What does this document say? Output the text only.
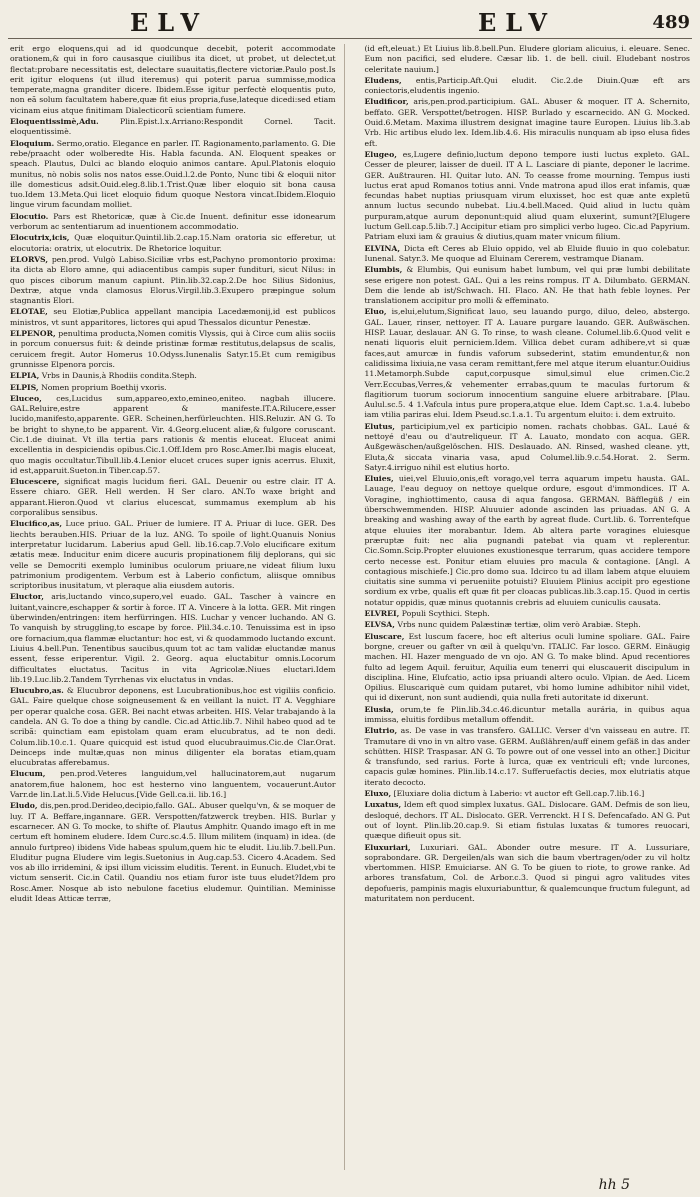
ELV	ELV	489

erit ergo eloquens,qui ad id quodcunque decebit, poterit accommodate orationem,& qui in foro causasque ciuilibus ita dicet, ut probet, ut delectet,ut flectat:probare necessitatis est, delectare suauitatis,flectere victoriæ.Paulo post.Is erit igitur eloquens (ut illud iteremus) qui poterit parua summisse,modica temperate,magna granditer dicere. Ibidem.Esse igitur perfectè eloquentis puto, non eã solum facultatem habere,quæ fit eius propria,fuse,lateque dicedi:sed etiam vicinam eius atque finitimam Dialecticorũ scientiam fumere.

Eloquentissimè,Adu.	Plin.Epist.l.x.Arriano:Respondit Cornel. Tacit. eloquentissimè.

Eloquium. Sermo,oratio. Elegance en parler. IT. Ragionamento,parlamento. G. Die rebe/praacht oder wolberedte His. Habla facunda. AN. Eloquent speakes or speach. Plautus, Dulci ac blando eloquio animos cantare. Apul.Platonis eloquio munitus, nò nobis solis nos natos esse.Ouid.l.2.de Ponto, Nunc tibi & eloquii nitor ille domesticus adsit.Ouid.eleg.8.lib.1.Trist.Quæ liber eloquio sit bona causa tuo.Idem 13.Meta.Qui licet eloquio fidum quoque Nestora vincat.Ibidem.Eloquio lingue virum facundam molliet.

Elocutio. Pars est Rhetoricæ, quæ à Cic.de Inuent. definitur esse idonearum verborum ac sententiarum ad inuentionem accommodatio.

Elocutrix,icis, Quæ eloquitur.Quintil.lib.2.cap.15.Nam oratoria sic efferetur, ut elocutoria: oratrix, ut elocutrix. De Rhetorice loquitur.

ELORVS, pen.prod. Vulgò Labiso.Siciliæ vrbs est,Pachyno promontorio proxima: ita dicta ab Eloro amne, qui adiacentibus campis super fundituri, sicut Nilus: in quo pisces ciborum manum capiunt. Plin.lib.32.cap.2.De hoc Silius Sidonius, Dextræ, atque vnda clamosus Elorus.Virgil.lib.3.Exupero præpingue solum stagnantis Elori.

ELOTAE, seu Elotiæ,Publica appellant mancipia Lacedæmonij,id est publicos ministros, vt sunt apparitores, lictores qui apud Thessalos dicuntur Penestæ.

ELPENOR, penultima producta,Nomen comitis Vlyssis, qui à Circe cum aliis sociis in porcum conuersus fuit: & deinde pristinæ formæ restitutus,delapsus de scalis, ceruicem fregit. Autor Homerus 10.Odyss.Iunenalis Satyr.15.Et cum remigibus grunnisse Elpenora porcis.

ELPIA, Vrbs in Daunis,à Rhodiis condita.Steph.

ELPIS, Nomen proprium Boethij vxoris.

Eluceo, ces,Lucidus sum,appareo,exto,emineo,eniteo. nagbah illucere. GAL.Reluire,estre apparent & manifeste.IT.A.Rilucere,esser lucido,manifesto,apparente. GER. Scheinen,herfürleuchten. HIS.Reluzir. AN G. To be bright to shyne,to be apparent. Vir. 4.Georg.elucent aliæ,& fulgore coruscant. Cic.1.de diuinat. Vt illa tertia pars rationis & mentis eluceat. Eluceat animi excellentia in despiciendis opibus.Cic.1.Off.Idem pro Rosc.Amer.Ibi magis eluceat, quo magis occultatur.Tibull.lib.4.Lenior elucet cruces super ignis acerrus. Eluxit, id est,apparuit.Sueton.in Tiber.cap.57.

Elucescere, significat magis lucidum fieri. GAL. Deuenir ou estre clair. IT A. Essere chiaro. GER. Hell werden. H Ser claro. AN.To waxe bright and apparant.Hieron.Quod vt clarius elucescat, summamus exemplum ab his corporalibus sensibus.

Elucifico,as, Luce priuo. GAL. Priuer de lumiere. IT A. Priuar di luce. GER. Des liechts berauben.HIS. Priuar de la luz. ANG. To spoile of light.Quanuis Nonius interpretatur lucidarum. Laberius apud Gell. lib.16.cap.7.Volo elucificare exitum ætatis meæ. Inducitur enim dicere aucuris propinationem filij deplorans, qui sic velle se Democriti exemplo luminibus oculorum priuare,ne videat filium luxu patrimonium prodigentem. Verbum est à Laberio confictum, aliisque omnibus scriptoribus inusitatum, vt pleraque alia eiusdem autoris.

Eluctor, aris,luctando vinco,supero,vel euado. GAL. Tascher à vaincre en luitant,vaincre,eschapper & sortir à force. IT A. Vincere à la lotta. GER. Mit ringen überwinden/entringen: item herfürringen. HIS. Luchar y vencer luchando. AN G. To vanquish by struggling,to escape by force. Plil.34.c.10. Tenuissima est in ipso ore fornacium,qua flammæ eluctantur: hoc est, vi & quodammodo luctando excunt. Liuius 4.bell.Pun. Tenentibus saucibus,quum tot ac tam validæ eluctandæ manus essent, fesse eriperentur. Vigil. 2. Georg. aqua eluctabitur omnis.Locorum difficultates eluctatus. Tacitus in vita Agricolæ.Niues eluctari.Idem lib.19.Luc.lib.2.Tandem Tyrrhenas vix eluctatus in vndas.

Elucubro,as. & Elucubror deponens, est Lucubrationibus,hoc est vigiliis conficio. GAL. Faire quelque chose soigneusement & en veillant la nuict. IT A. Vegghiare per operar qualche cosa. GER. Bei nacht etwas arbeiten. HIS. Velar trabajando à la candela. AN G. To doe a thing by candle. Cic.ad Attic.lib.7. Nihil habeo quod ad te scribã: quinctiam eam epistolam quam eram elucubratus, ad te non dedi. Colum.lib.10.c.1. Quare quicquid est istud quod elucubrauimus.Cic.de Clar.Orat. Deinceps inde multæ,quas non minus diligenter ela boratas etiam,quam elucubratas afferebamus.

Elucum, pen.prod.Veteres languidum,vel hallucinatorem,aut nugarum anatorem,fiue halonem, hoc est hesterno vino languentem, vocauerunt.Autor Varr.de lin.Lat.li.5.Vide Helucus.[Vide Gell.ca.ii. lib.16.]

Eludo, dis,pen.prod.Derideo,decipio,fallo. GAL. Abuser quelqu'vn, & se moquer de luy. IT A. Beffare,ingannare. GER. Verspotten/fatzwerck treyben. HIS. Burlar y escarnecer. AN G. To mocke, to shifte of. Plautus Amphitr. Quando imago eft in me certum eft hominem eludere. Idem Curc.sc.4.5. Illum militem (inquam) in idea. (de annulo furtpreo) ibidens Vide habeas spulum,quem hic te eludit. Liu.lib.7.bell.Pun. Eluditur pugna Eludere vim legis.Suetonius in Aug.cap.53. Cicero 4.Academ. Sed vos ab illo irridemini, & ipsi illum vicissim eluditis. Terent. in Eunuch. Eludet,vbi te victum senserit. Cic.in Catil. Quandiu nos etiam furor iste tuus eludet?Idem pro Rosc.Amer. Nosque ab isto nebulone facetius eludemur. Quintilian. Meminisse eludit Ideas Atticæ terræ,

(id eft,eleuat.) Et Liuius lib.8.bell.Pun. Eludere gloriam alicuius, i. eleuare. Senec. Eum non pacifici, sed eludere. Cæsar lib. 1. de bell. ciuil. Eludebant nostros celeritate nauium.]

Eludens, entis,Particip.Aft.Qui eludit. Cic.2.de Diuin.Quæ eft ars coniectoris,eludentis ingenio.

Eludificor, aris,pen.prod.participium. GAL. Abuser & moquer. IT A. Schernito, beffato. GER. Verspottet/betrogen. HISP. Burlado y escarnecido. AN G. Mocked. Ouid.6.Metam. Maxima illustrem designat imagine taure Europen. Liuius lib.3.ab Vrb. Hic artibus eludo lex. Idem.lib.4.6. His miraculis nunquam ab ipso elusa fides eft.

Elugeo, es,Lugere definio,luctum depono tempore iusti luctus expleto. GAL. Cesser de pleurer, laisser de dueil. IT A L. Lasciare di piante, deponer le lacrime. GER. Außtrauren. HI. Quitar luto. AN. To ceasse frome mourning. Tempus iusti luctus erat apud Romanos totius anni. Vnde matrona apud illos erat infamis, quæ fecundas habet nuptias priusquam virum eluxisset, hoc est quæ ante expletũ annum luctus secundo nubebat. Liu.4.bell.Maced. Quid aliud in luctu quàm purpuram,atque aurum deponunt:quid aliud quam eluxerint, sumunt?[Elugere luctum Gell.cap.5.lib.7.] Accipitur etiam pro simplici verbo lugeo. Cic.ad Papyrium. Patriam eluxi iam & grauius & diutius,quam mater vnicum filium.

ELVINA, Dicta eft Ceres ab Eluio oppido, vel ab Eluide fluuio in quo colebatur. Iunenal. Satyr.3. Me quoque ad Eluinam Cererem, vestramque Dianam.

Elumbis, & Elumbis, Qui eunisum habet lumbum, vel qui præ lumbi debilitate sese erigere non potest. GAL. Qui a les reins rompus. IT A. Dilumbato. GERMAN. Dem die lende ab ist/Schwach. HI. Flaco. AN. He that hath feble loynes. Per translationem accipitur pro molli & effeminato.

Eluo, is,elui,elutum,Significat lauo, seu lauando purgo, diluo, deleo, abstergo. GAL. Lauer, rinser, nettoyer. IT A. Lauare purgare lauando. GER. Außwäschen. HISP. Lauar, deslauar. AN G. To rinse, to wash cleane. Columel.lib.6.Quod velit e nenati liquoris eluit perniciem.Idem. Villica debet curam adhibere,vt si quæ faces,aut amurcæ in fundis vaforum subsederint, statim emundentur,& non calidissima lixiuia,ne vasa ceram remittant,fere mel atque iterum eluantur.Ouidius 11.Metamorph.Subde caput,corpusque simul,simul elue crimen.Cic.2 Verr.Eccubas,Verres,& vehementer errabas,quum te maculas furtorum & flagitiorum tuorum sociorum innocentium sanguine eluere arbitrabare. [Plau. Aulul.sc.5. 4 1.Vafcula intus pure propera,atque elue. Idem Capt.sc. 1.a.4. lubebo iam vtilia pariras elui. Idem Pseud.sc.1.a.1. Tu argentum eluito: i. dem extruito.

Elutus, participium,vel ex participio nomen. rachats chobbas. GAL. Laué & nettoyé d'eau ou d'autreliqueur. IT A. Lauato, mondato con acqua. GER. Außgewäschen/außgelöschen. HIS. Deslauado. AN. Rinsed, washed cleane. ytt, Eluta,& siccata vinaria vasa, apud Columel.lib.9.c.54.Horat. 2. Serm. Satyr.4.irriguo nihil est elutius horto.

Eluies, uiei,vel Eluuio,onis,eft vorago,vel terra aquarum impetu hausta. GAL. Lauage, l'eau deguoy on nettoye quelque ordure, esgout d'immondices. IT A. Voragine, inghiottimento, causa di aqua fangosa. GERMAN. Bäfflegüß / ein überschwemmenden. HISP. Aluuuier adonde ascinden las priuadas. AN G. A breaking and washing away of the earth by agreat flude. Curt.lib. 6. Torrentefque atque eluuies iter morabantur. Idem. Ab altera parte voragines eluiesque præruptæ fuit: nec alia pugnandi patebat via quam vt replerentur. Cic.Somn.Scip.Propter eluuiones exustionesque terrarum, quas accidere tempore certo necesse est. Ponitur etiam eluuies pro macula & contagione. [Angl. A contagious mischiefe.] Cic.pro domo sua. Idcirco tu ad illam labem atque eluuiem ciuitatis sine summa vi perueniite potuisti? Eluuiem Plinius accipit pro egestione sordium ex vrbe, qualis eft quæ fit per cloacas publicas.lib.3.cap.15. Quod in certis notatur oppidis, quæ minus quotannis crebris ad eluuiem cuniculis causata.

ELVREI, Populi Scythici. Steph.

ELVSA, Vrbs nunc quidem Palæstinæ tertiæ, olim verò Arabiæ. Steph.

Eluscare, Est luscum facere, hoc eft alterius oculi lumine spoliare. GAL. Faire borgne, creuer ou gafter vn œil à quelqu'vn. ITALIC. Far losco. GERM. Einäugig machen. HI. Hazer menguado de vn ojo. AN G. To make blind. Apud recentiores fulto ad legem Aquil. feruitur, Aquilia eum tenerri qui eluscauerit discipulum in disciplina. Hine, Elufcatio, actio ipsa priuandi altero oculo. Vlpian. de Aed. Licem Opilius. Eluscariquè cum quidam putaret, vbi homo lumine adhibitor nihil videt, qui id dixerunt, non sunt audiendi, quia nulla freti autoritate id dixerunt.

Elusia, orum,te fe Plin.lib.34.c.46.dicuntur metalla aurária, in quibus aqua immissa, eluitis fordibus metallum offendit.

Elutrio, as. De vase in vas transfero. GALLIC. Verser d'vn vaisseau en autre. IT. Tramutare di vno in vn altro vase. GERM. Außlähren/auff einem gefäß in das ander schütten. HISP. Traspasar. AN G. To powre out of one vessel into an other.] Dicitur & transfundo, sed rarius. Forte à lurca, quæ ex ventriculi eft; vnde lurcones, capacis gulæ homines. Plin.lib.14.c.17. Sufferuefactis decies, mox elutriatis atque iterato decocto.

Eluxo, [Eluxiare dolia dictum à Laberio: vt auctor eft Gell.cap.7.lib.16.]

Luxatus, Idem eft quod simplex luxatus. GAL. Dislocare. GAM. Defmis de son lieu, desloqué, dechors. IT AL. Dislocato. GER. Verrenckt. H I S. Defencafado. AN G. Put out of loynt. Plin.lib.20.cap.9. Si etiam fistulas luxatas & tumores reuocari, quæque difieuit opus sit.

Eluxuriari, Luxuriari. GAL. Abonder outre mesure. IT A. Lussuriare, soprabondare. GR. Dergeilen/als wan sich die baum vbertragen/oder zu vil holtz vbertommen. HISP. Emuiciarse. AN G. To be giuen to riote, to growe ranke. Ad arbores transfatum, Col. de Arbor.c.3. Quod si pingui agro valitudes vites depofueris, pampinis magis eluxuriabunttur, & qualemcunque fructum fulegunt, ad maturitatem non perducent.

hh 5
